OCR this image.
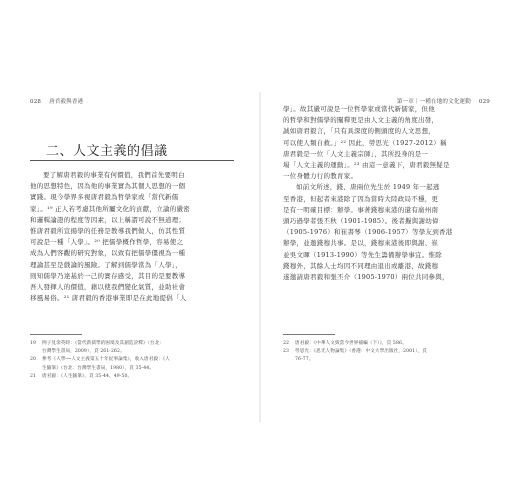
028 唐君毅與香港
二、人文主義的倡議

要了解唐君毅的事業有何價值，我們首先要明白

他的思想特色，因為他的事業實為其個人思想的一個

實踐。現今學界多視唐君毅為哲學家或「當代新儒

家」。¹⁹ 正人若考慮其他所屬文化的貢獻，立論的嚴密

和邏輯論證的程度等因素，以上稱謂可說不無道理；

惟唐君毅所宣揚學的任務是教導我們做人，仿其性質

可說是一種「人學」。²⁰ 把儒學概作哲學，容易使之

成為人們客觀的研究對象，以致有把儒學僵視為一種

理論甚至是戲論的風險。了解到儒學當為「人學」，

則知儒學乃達基於一己的實存感受，其目的是要教導

吾人發揮人的價值，藉以使我們變化氣質，並助社會

移風易俗。²¹ 唐君毅的香港事業即是在此地提倡「人

19 例子見余英時：《當代新儒學的困境及其創造詮釋》（台北：
台灣學生書局，2009），頁 261-262。
20 參考《人學──人文主義第五十年紀事論集》，收入唐君毅：《人
生隨筆》（台北：台灣學生書局，1980），頁 35-44。
21 唐君毅：《人生隨筆》，頁 35-44、49-50。
第一章｜一種在地的文化運動 029

學」。故其嚴可說是一位哲學家或當代新儒家，但他

的哲學和對儒學的闡釋更是由人文主義的角度出發，

誠如唐君毅言，「只有具深度的側頭度的人文思想，

可以使人類自救。」²² 因此，勞思光（1927-2012）稱

唐君毅是一位「人文主義宗師」，其所投身的是一

場「人文主義的運動」。²³ 由這一意義下，唐君毅無疑是

一位身體力行的教育家。

如前文所述，錢、唐兩位先生於 1949 年一起逃

至香港，但起者來港除了因為當時大陸政局不穩，更

是有一明確目標：辦學。事著錢穆來港的還有廣州南

頭巧過學者張丕秋（1901-1985）。後者擬與謝幼偉

（1905-1976）和崔書琴（1906-1957）等學友到香港

辦學，並邀錢穆共事。是以，錢穆來港後即與謝、崔

並吳文暉（1913-1990）等先生籌備辦學事宜。惟除

錢穆外，其餘人士均因不同理由退出或離港，故錢穆

遂邀請唐君毅和張丕介（1905-1970）兩位共同參與，

22 唐君毅：《中華人文與當今世界補編（下）》，頁 586。
23 勞思光：《思光人物論集》（香港：中文大學出版社，2001），頁
76-77。
